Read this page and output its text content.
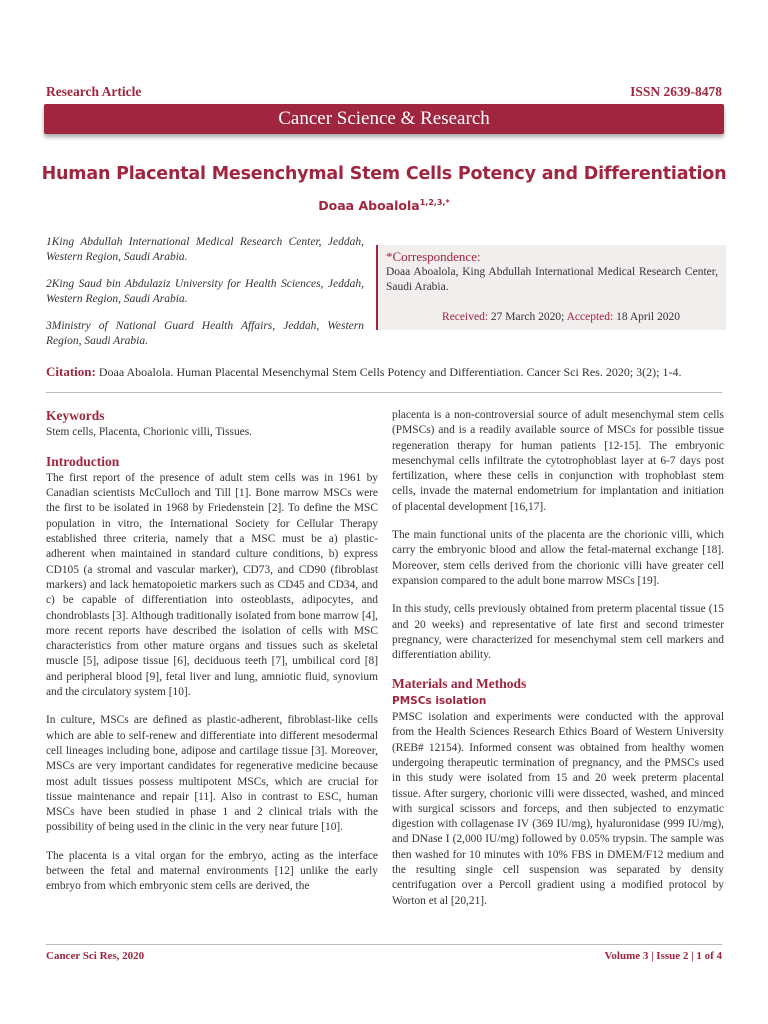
Research Article	ISSN 2639-8478
Cancer Science & Research
Human Placental Mesenchymal Stem Cells Potency and Differentiation
Doaa Aboalola$^{1,2,3,*}$

1King Abdullah International Medical Research Center, Jeddah, Western Region, Saudi Arabia.

2King Saud bin Abdulaziz University for Health Sciences, Jeddah, Western Region, Saudi Arabia.

3Ministry of National Guard Health Affairs, Jeddah, Western Region, Saudi Arabia.

*Correspondence:
Doaa Aboalola, King Abdullah International Medical Research Center, Saudi Arabia.
Received: 27 March 2020; Accepted: 18 April 2020
Citation: Doaa Aboalola. Human Placental Mesenchymal Stem Cells Potency and Differentiation. Cancer Sci Res. 2020; 3(2); 1-4.
Keywords

Stem cells, Placenta, Chorionic villi, Tissues.

Introduction

The first report of the presence of adult stem cells was in 1961 by Canadian scientists McCulloch and Till [1]. Bone marrow MSCs were the first to be isolated in 1968 by Friedenstein [2]. To define the MSC population in vitro, the International Society for Cellular Therapy established three criteria, namely that a MSC must be a) plastic- adherent when maintained in standard culture conditions, b) express CD105 (a stromal and vascular marker), CD73, and CD90 (fibroblast markers) and lack hematopoietic markers such as CD45 and CD34, and c) be capable of differentiation into osteoblasts, adipocytes, and chondroblasts [3]. Although traditionally isolated from bone marrow [4], more recent reports have described the isolation of cells with MSC characteristics from other mature organs and tissues such as skeletal muscle [5], adipose tissue [6], deciduous teeth [7], umbilical cord [8] and peripheral blood [9], fetal liver and lung, amniotic fluid, synovium and the circulatory system [10].

In culture, MSCs are defined as plastic-adherent, fibroblast-like cells which are able to self-renew and differentiate into different mesodermal cell lineages including bone, adipose and cartilage tissue [3]. Moreover, MSCs are very important candidates for regenerative medicine because most adult tissues possess multipotent MSCs, which are crucial for tissue maintenance and repair [11]. Also in contrast to ESC, human MSCs have been studied in phase 1 and 2 clinical trials with the possibility of being used in the clinic in the very near future [10].

The placenta is a vital organ for the embryo, acting as the interface between the fetal and maternal environments [12] unlike the early embryo from which embryonic stem cells are derived, the

placenta is a non-controversial source of adult mesenchymal stem cells (PMSCs) and is a readily available source of MSCs for possible tissue regeneration therapy for human patients [12-15]. The embryonic mesenchymal cells infiltrate the cytotrophoblast layer at 6-7 days post fertilization, where these cells in conjunction with trophoblast stem cells, invade the maternal endometrium for implantation and initiation of placental development [16,17].

The main functional units of the placenta are the chorionic villi, which carry the embryonic blood and allow the fetal-maternal exchange [18]. Moreover, stem cells derived from the chorionic villi have greater cell expansion compared to the adult bone marrow MSCs [19].

In this study, cells previously obtained from preterm placental tissue (15 and 20 weeks) and representative of late first and second trimester pregnancy, were characterized for mesenchymal stem cell markers and differentiation ability.

Materials and Methods
PMSCs isolation

PMSC isolation and experiments were conducted with the approval from the Health Sciences Research Ethics Board of Western University (REB# 12154). Informed consent was obtained from healthy women undergoing therapeutic termination of pregnancy, and the PMSCs used in this study were isolated from 15 and 20 week preterm placental tissue. After surgery, chorionic villi were dissected, washed, and minced with surgical scissors and forceps, and then subjected to enzymatic digestion with collagenase IV (369 IU/mg), hyaluronidase (999 IU/mg), and DNase I (2,000 IU/mg) followed by 0.05% trypsin. The sample was then washed for 10 minutes with 10% FBS in DMEM/F12 medium and the resulting single cell suspension was separated by density centrifugation over a Percoll gradient using a modified protocol by Worton et al [20,21].

Cancer Sci Res, 2020	Volume 3 | Issue 2 | 1 of 4
